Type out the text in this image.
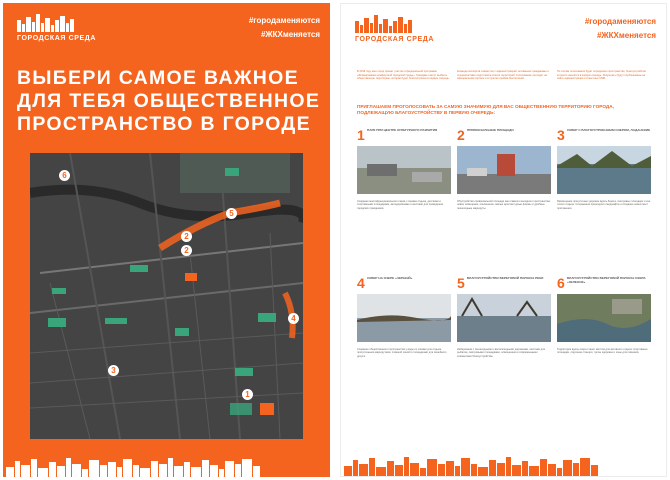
ГОРОДСКАЯ СРЕДА
#городаменяются
#ЖКХменяется
ВЫБЕРИ САМОЕ ВАЖНОЕ
ДЛЯ ТЕБЯ ОБЩЕСТВЕННОЕ
ПРОСТРАНСТВО В ГОРОДЕ
6
5
2
2
4
3
1
ГОРОДСКАЯ СРЕДА
#городаменяются
#ЖКХменяется
В 2018 году наш город примет участие в федеральной программе «Формирование комфортной городской среды». Граждане смогут выбрать общественную территорию, которая будет благоустроена в первую очередь.
Команда экспертов совместно с администрацией, активными гражданами и специалистами подготовила список территорий. Голосование проходит на официальном портале и в пунктах приёма бюллетеней.
По итогам голосования будет определено пространство, благоустройство которого начнётся в первую очередь. Результаты будут опубликованы на сайте администрации и в местных СМИ.
ПРИГЛАШАЕМ ПРОГОЛОСОВАТЬ ЗА САМУЮ ЗНАЧИМУЮ ДЛЯ ВАС ОБЩЕСТВЕННУЮ ТЕРРИТОРИЮ ГОРОДА, ПОДЛЕЖАЩУЮ БЛАГОУСТРОЙСТВУ В ПЕРВУЮ ОЧЕРЕДЬ:
1 ПАРК ПРИ ЦЕНТРЕ КУЛЬТУРНОГО РАЗВИТИЯ
Создание многофункционального парка с зонами отдыха, детскими и спортивными площадками, велодорожками и местами для проведения городских праздников.
2 ПРИВОКЗАЛЬНЫЕ ПЛОЩАДИ
Обустройство привокзальной площади как главного въездного пространства: новое освещение, озеленение, малые архитектурные формы и удобные пешеходные маршруты.
3 СКВЕР С БЛАГОУСТРОЕННЫМ ОЗЕРОМ, ЛАДАНСКИЕ
Размещение прогулочных дорожек вдоль берега, смотровых площадок и зон тихого отдыха. Сохранение природного ландшафта и создание новых мест притяжения.
4 СКВЕР НА ОЗЕРЕ «ЧЕРНЫЙ»
Создание общественного пространства у воды со зонами для отдыха, прогулочными маршрутами, пляжной зоной и площадками для семейного досуга.
5 БЛАГОУСТРОЙСТВО БЕРЕГОВОЙ ПОЛОСЫ РЕКИ
Набережная с пешеходными и велосипедными дорожками, местами для рыбалки, смотровыми площадками, освещением и современными элементами благоустройства.
6 БЛАГОУСТРОЙСТВО БЕРЕГОВОЙ ПОЛОСЫ ОЗЕРА «ЗЕЛЕНОЕ»
Территория вдоль озера станет местом для активного отдыха: спортивные площадки, лодочная станция, тропы здоровья и зоны для пикников.
